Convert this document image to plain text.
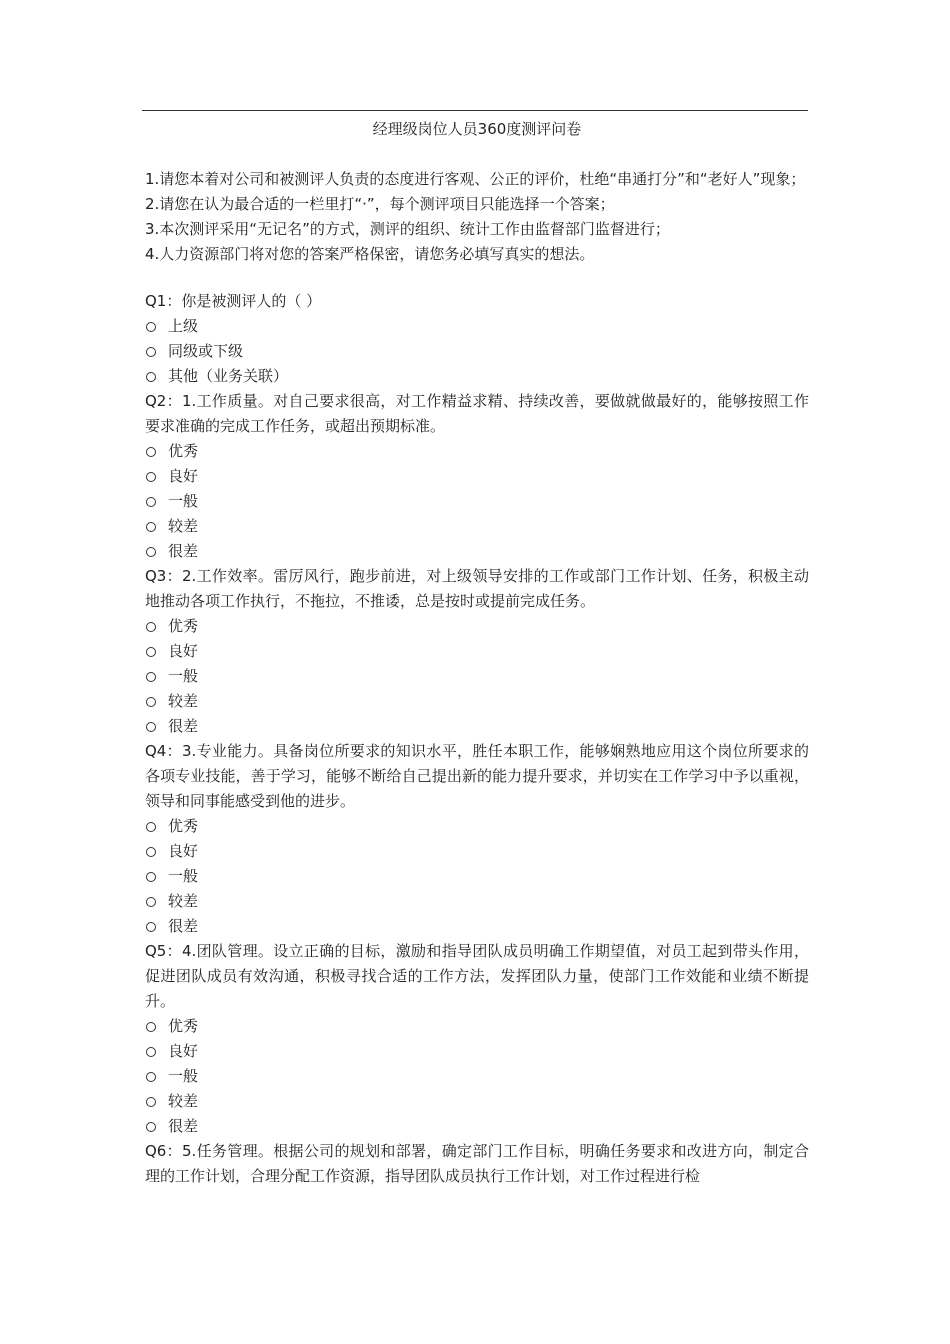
经理级岗位人员360度测评问卷

1.请您本着对公司和被测评人负责的态度进行客观、公正的评价，杜绝“串通打分”和“老好人”现象；

2.请您在认为最合适的一栏里打“·”，每个测评项目只能选择一个答案；

3.本次测评采用“无记名”的方式，测评的组织、统计工作由监督部门监督进行；

4.人力资源部门将对您的答案严格保密，请您务必填写真实的想法。

Q1：你是被测评人的（ ）

上级
同级或下级
其他（业务关联）

Q2：1.工作质量。对自己要求很高，对工作精益求精、持续改善，要做就做最好的，能够按照工作要求准确的完成工作任务，或超出预期标准。

优秀
良好
一般
较差
很差

Q3：2.工作效率。雷厉风行，跑步前进，对上级领导安排的工作或部门工作计划、任务，积极主动地推动各项工作执行，不拖拉，不推诿，总是按时或提前完成任务。

优秀
良好
一般
较差
很差

Q4：3.专业能力。具备岗位所要求的知识水平，胜任本职工作，能够娴熟地应用这个岗位所要求的各项专业技能，善于学习，能够不断给自己提出新的能力提升要求，并切实在工作学习中予以重视，领导和同事能感受到他的进步。

优秀
良好
一般
较差
很差

Q5：4.团队管理。设立正确的目标，激励和指导团队成员明确工作期望值，对员工起到带头作用，促进团队成员有效沟通，积极寻找合适的工作方法，发挥团队力量，使部门工作效能和业绩不断提升。

优秀
良好
一般
较差
很差

Q6：5.任务管理。根据公司的规划和部署，确定部门工作目标，明确任务要求和改进方向，制定合理的工作计划，合理分配工作资源，指导团队成员执行工作计划，对工作过程进行检
